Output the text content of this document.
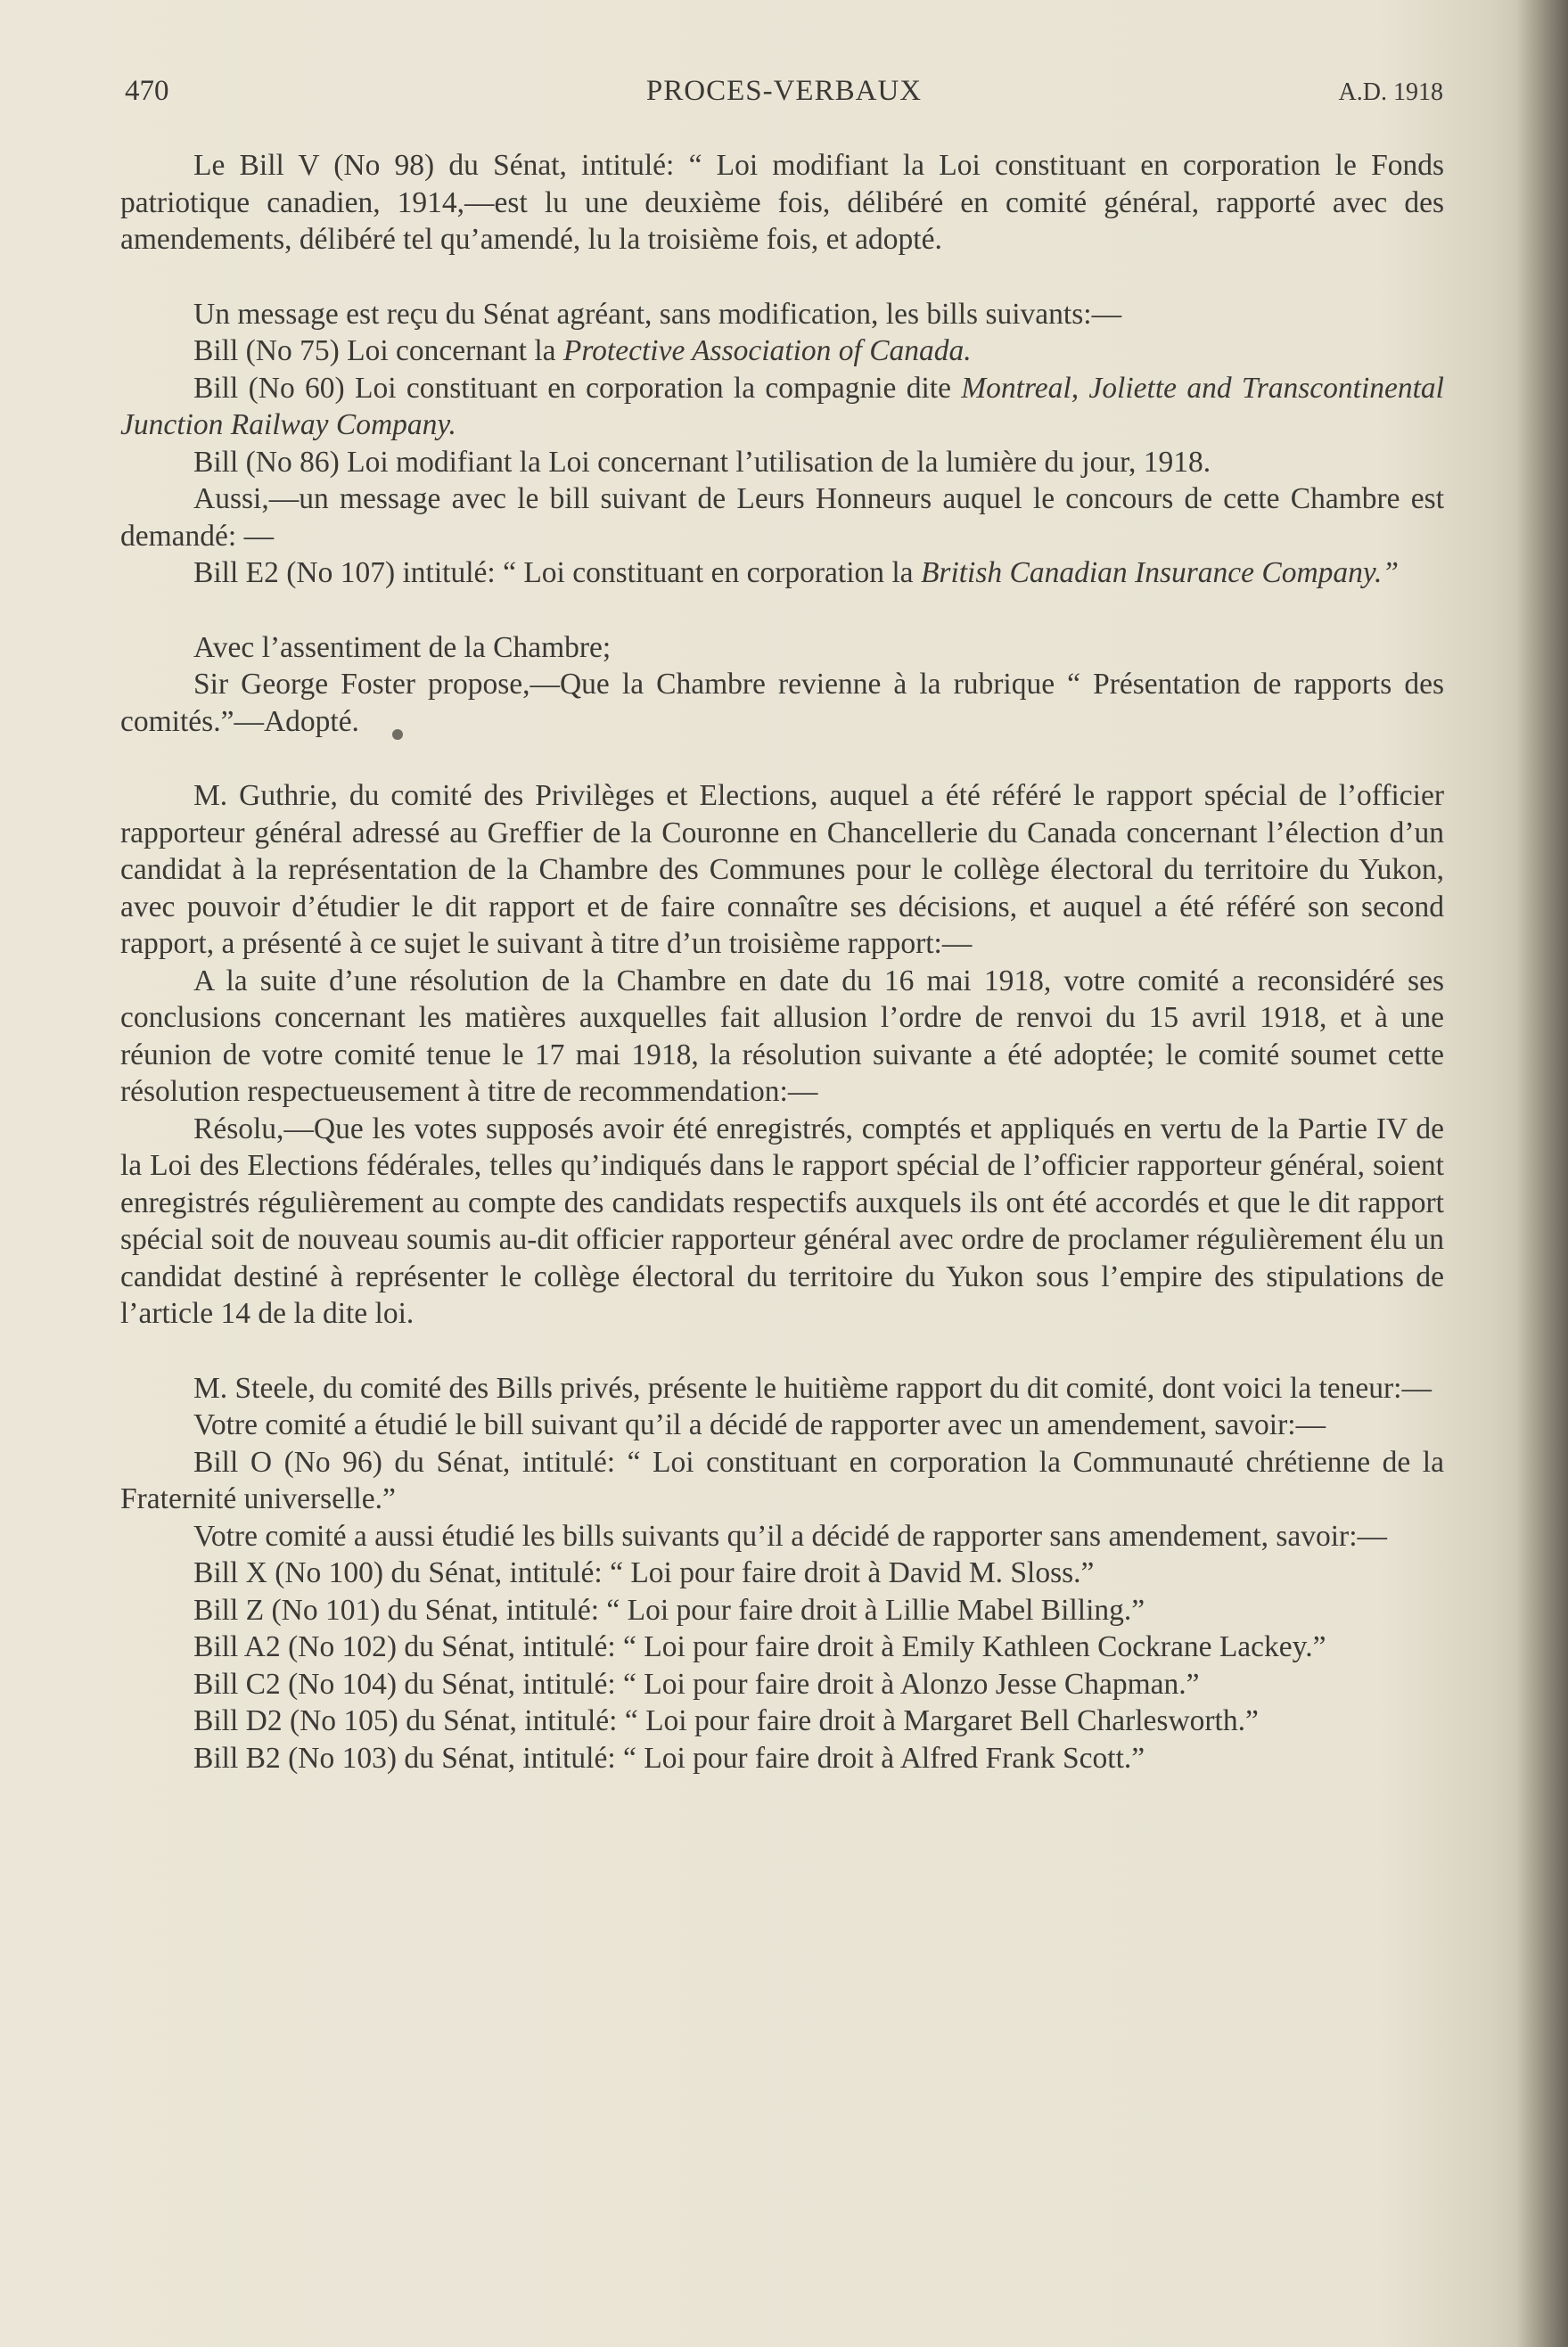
470	PROCES-VERBAUX	A.D. 1918

Le Bill V (No 98) du Sénat, intitulé: “ Loi modifiant la Loi constituant en corporation le Fonds patriotique canadien, 1914,—est lu une deuxième fois, délibéré en comité général, rapporté avec des amendements, délibéré tel qu’amendé, lu la troisième fois, et adopté.

Un message est reçu du Sénat agréant, sans modification, les bills suivants:—

Bill (No 75) Loi concernant la Protective Association of Canada.

Bill (No 60) Loi constituant en corporation la compagnie dite Montreal, Joliette and Transcontinental Junction Railway Company.

Bill (No 86) Loi modifiant la Loi concernant l’utilisation de la lumière du jour, 1918.

Aussi,—un message avec le bill suivant de Leurs Honneurs auquel le concours de cette Chambre est demandé: —

Bill E2 (No 107) intitulé: “ Loi constituant en corporation la British Canadian Insurance Company.”

Avec l’assentiment de la Chambre;

Sir George Foster propose,—Que la Chambre revienne à la rubrique “ Présentation de rapports des comités.”—Adopté.

M. Guthrie, du comité des Privilèges et Elections, auquel a été référé le rapport spécial de l’officier rapporteur général adressé au Greffier de la Couronne en Chancellerie du Canada concernant l’élection d’un candidat à la représentation de la Chambre des Communes pour le collège électoral du territoire du Yukon, avec pouvoir d’étudier le dit rapport et de faire connaître ses décisions, et auquel a été référé son second rapport, a présenté à ce sujet le suivant à titre d’un troisième rapport:—

A la suite d’une résolution de la Chambre en date du 16 mai 1918, votre comité a reconsidéré ses conclusions concernant les matières auxquelles fait allusion l’ordre de renvoi du 15 avril 1918, et à une réunion de votre comité tenue le 17 mai 1918, la résolution suivante a été adoptée; le comité soumet cette résolution respectueusement à titre de recommendation:—

Résolu,—Que les votes supposés avoir été enregistrés, comptés et appliqués en vertu de la Partie IV de la Loi des Elections fédérales, telles qu’indiqués dans le rapport spécial de l’officier rapporteur général, soient enregistrés régulièrement au compte des candidats respectifs auxquels ils ont été accordés et que le dit rapport spécial soit de nouveau soumis au-dit officier rapporteur général avec ordre de proclamer régulièrement élu un candidat destiné à représenter le collège électoral du territoire du Yukon sous l’empire des stipulations de l’article 14 de la dite loi.

M. Steele, du comité des Bills privés, présente le huitième rapport du dit comité, dont voici la teneur:—

Votre comité a étudié le bill suivant qu’il a décidé de rapporter avec un amendement, savoir:—

Bill O (No 96) du Sénat, intitulé: “ Loi constituant en corporation la Communauté chrétienne de la Fraternité universelle.”

Votre comité a aussi étudié les bills suivants qu’il a décidé de rapporter sans amendement, savoir:—

Bill X (No 100) du Sénat, intitulé: “ Loi pour faire droit à David M. Sloss.”

Bill Z (No 101) du Sénat, intitulé: “ Loi pour faire droit à Lillie Mabel Billing.”

Bill A2 (No 102) du Sénat, intitulé: “ Loi pour faire droit à Emily Kathleen Cockrane Lackey.”

Bill C2 (No 104) du Sénat, intitulé: “ Loi pour faire droit à Alonzo Jesse Chapman.”

Bill D2 (No 105) du Sénat, intitulé: “ Loi pour faire droit à Margaret Bell Charlesworth.”

Bill B2 (No 103) du Sénat, intitulé: “ Loi pour faire droit à Alfred Frank Scott.”
